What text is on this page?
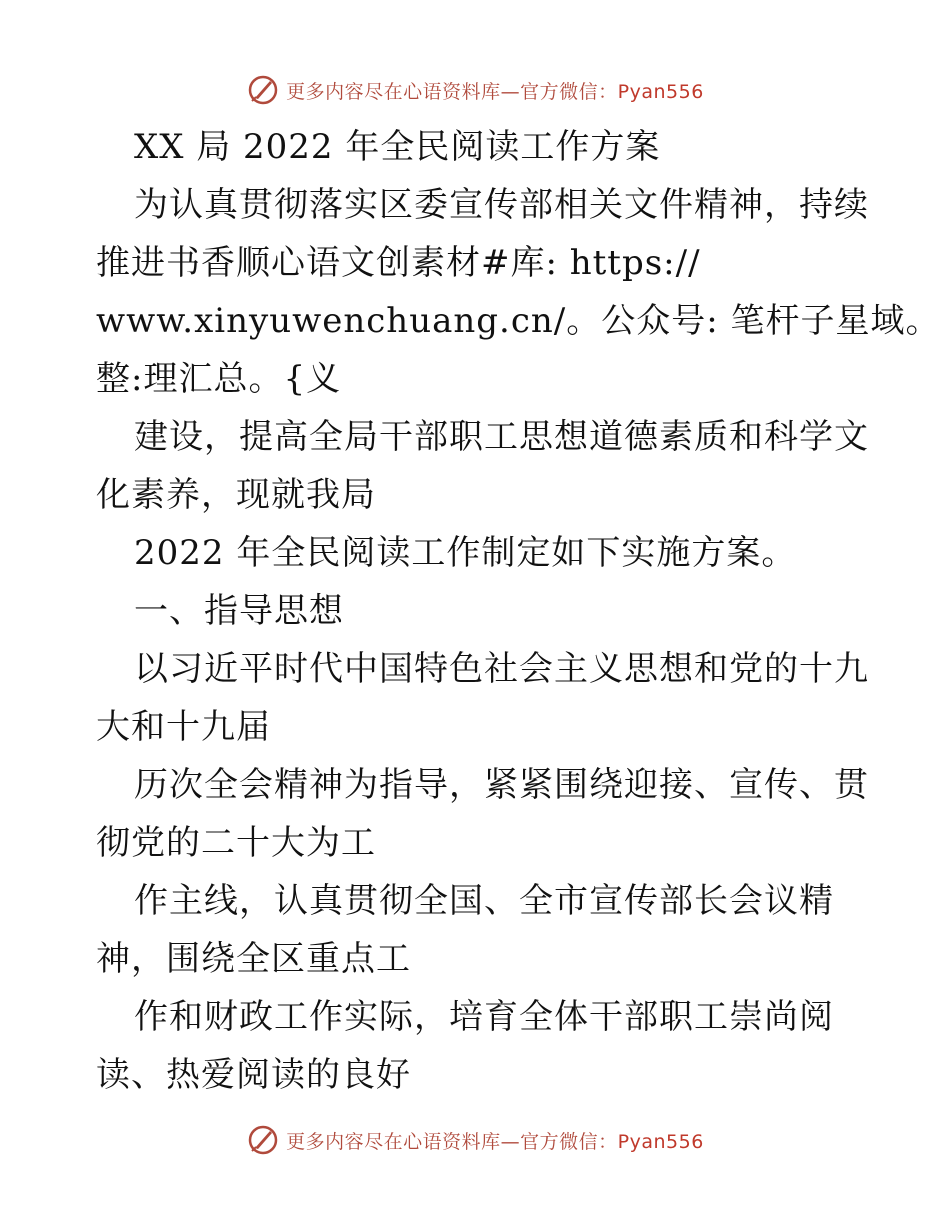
更多内容尽在心语资料库—官方微信：Pyan556
XX 局 2022 年全民阅读工作方案
为认真贯彻落实区委宣传部相关文件精神，持续
推进书香顺心语文创素材#库: https://
www.xinyuwenchuang.cn/。公众号: 笔杆子星域。
整:理汇总。{义
建设，提高全局干部职工思想道德素质和科学文
化素养，现就我局
2022 年全民阅读工作制定如下实施方案。
一、指导思想
以习近平时代中国特色社会主义思想和党的十九
大和十九届
历次全会精神为指导，紧紧围绕迎接、宣传、贯
彻党的二十大为工
作主线，认真贯彻全国、全市宣传部长会议精
神，围绕全区重点工
作和财政工作实际，培育全体干部职工崇尚阅
读、热爱阅读的良好
更多内容尽在心语资料库—官方微信：Pyan556
